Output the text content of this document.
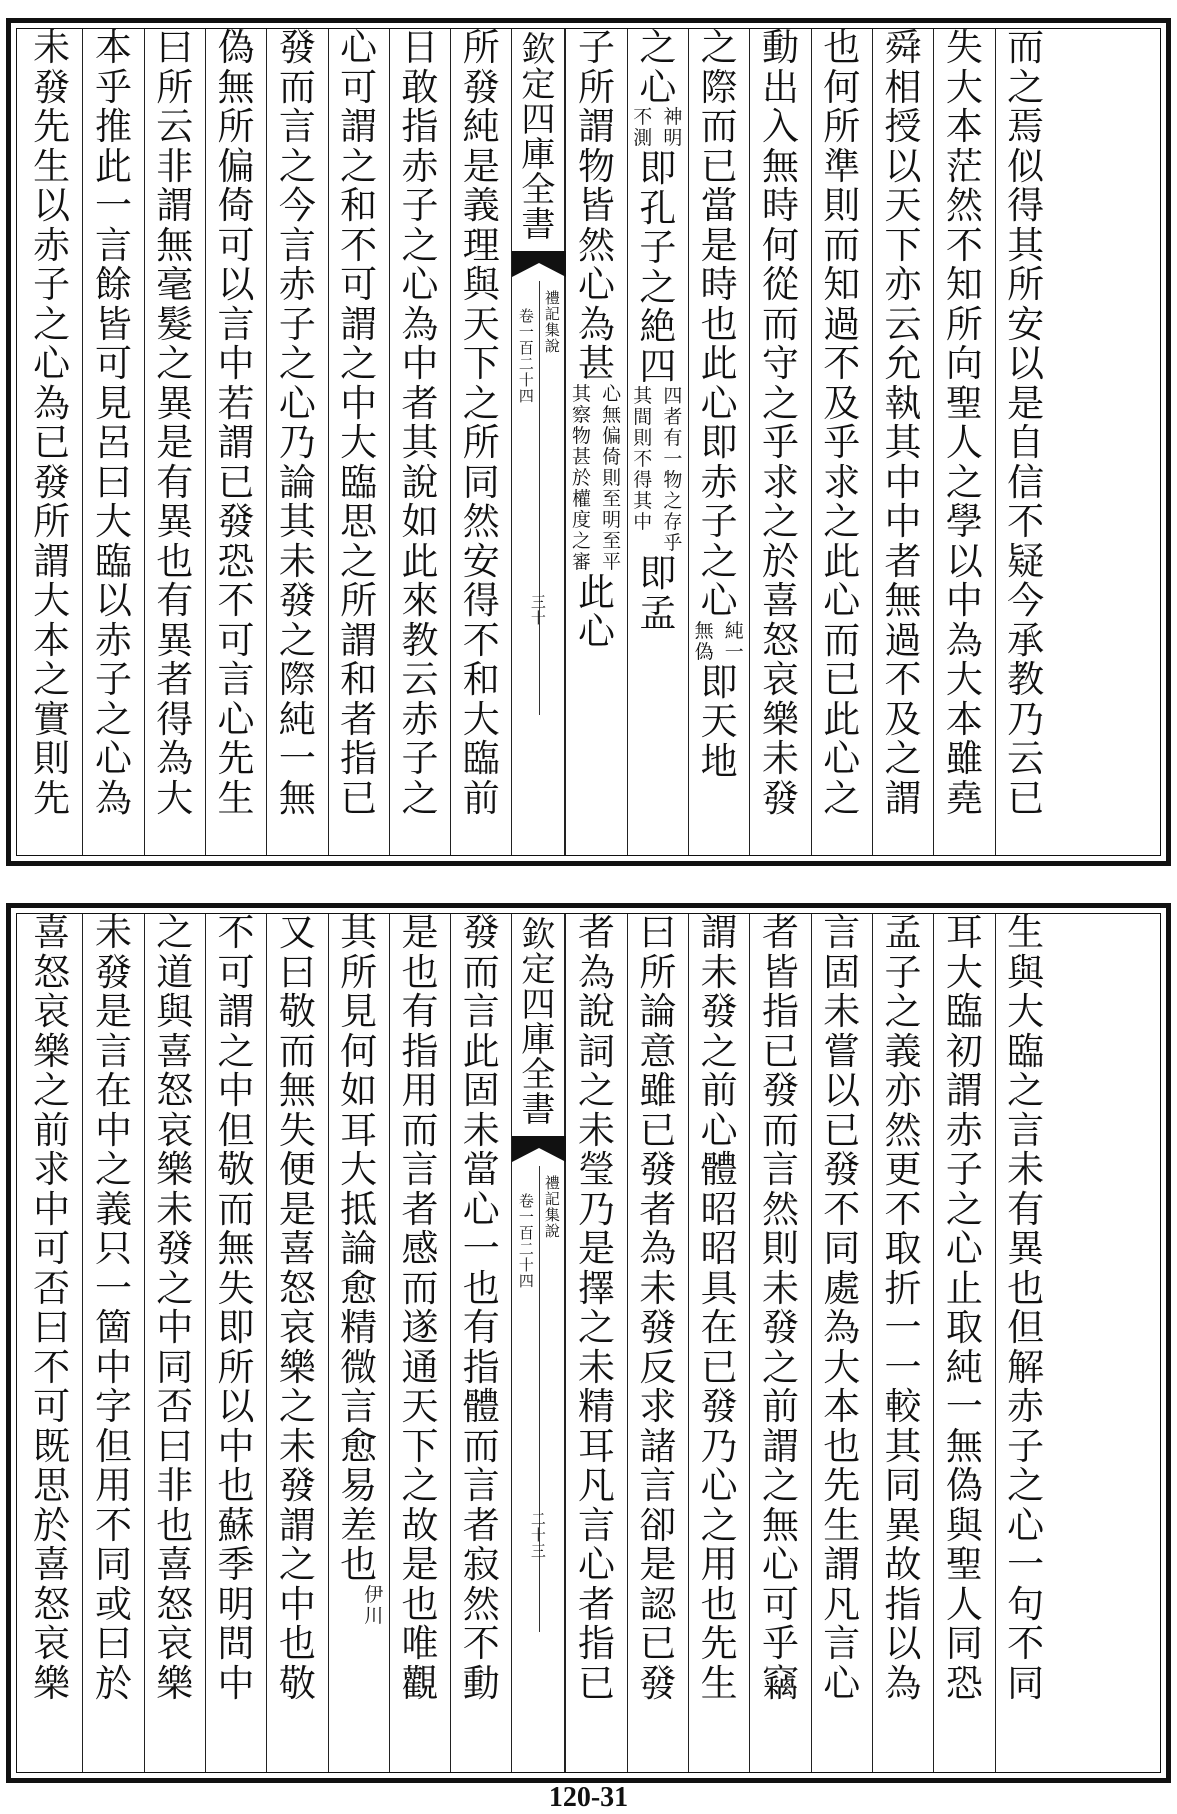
而
之
焉
似
得
其
所
安
以
是
自
信
不
疑
今
承
教
乃
云
已
失
大
本
茫
然
不
知
所
向
聖
人
之
學
以
中
為
大
本
雖
堯
舜
相
授
以
天
下
亦
云
允
執
其
中
中
者
無
過
不
及
之
謂
也
何
所
準
則
而
知
過
不
及
乎
求
之
此
心
而
已
此
心
之
動
出
入
無
時
何
從
而
守
之
乎
求
之
於
喜
怒
哀
樂
未
發
之
際
而
已
當
是
時
也
此
心
即
赤
子
之
心
純
一
無
偽
即
天
地
之
心
神
明
不
測
即
孔
子
之
絶
四
四
者
有
一
物
之
存
乎
其
間
則
不
得
其
中
即
孟
子
所
謂
物
皆
然
心
為
甚
心
無
偏
倚
則
至
明
至
平
其
察
物
甚
於
權
度
之
審
此
心
欽
定
四
庫
全
書
禮
記
集
說
卷
一
百
二
十
四
三
十
所
發
純
是
義
理
與
天
下
之
所
同
然
安
得
不
和
大
臨
前
日
敢
指
赤
子
之
心
為
中
者
其
說
如
此
來
教
云
赤
子
之
心
可
謂
之
和
不
可
謂
之
中
大
臨
思
之
所
謂
和
者
指
已
發
而
言
之
今
言
赤
子
之
心
乃
論
其
未
發
之
際
純
一
無
偽
無
所
偏
倚
可
以
言
中
若
謂
已
發
恐
不
可
言
心
先
生
曰
所
云
非
謂
無
毫
髮
之
異
是
有
異
也
有
異
者
得
為
大
本
乎
推
此
一
言
餘
皆
可
見
呂
曰
大
臨
以
赤
子
之
心
為
未
發
先
生
以
赤
子
之
心
為
已
發
所
謂
大
本
之
實
則
先
生
與
大
臨
之
言
未
有
異
也
但
解
赤
子
之
心
一
句
不
同
耳
大
臨
初
謂
赤
子
之
心
止
取
純
一
無
偽
與
聖
人
同
恐
孟
子
之
義
亦
然
更
不
取
折
一
一
較
其
同
異
故
指
以
為
言
固
未
嘗
以
已
發
不
同
處
為
大
本
也
先
生
謂
凡
言
心
者
皆
指
已
發
而
言
然
則
未
發
之
前
謂
之
無
心
可
乎
竊
謂
未
發
之
前
心
體
昭
昭
具
在
已
發
乃
心
之
用
也
先
生
曰
所
論
意
雖
已
發
者
為
未
發
反
求
諸
言
卻
是
認
已
發
者
為
說
詞
之
未
瑩
乃
是
擇
之
未
精
耳
凡
言
心
者
指
已
欽
定
四
庫
全
書
禮
記
集
說
卷
一
百
二
十
四
二
十
三
發
而
言
此
固
未
當
心
一
也
有
指
體
而
言
者
寂
然
不
動
是
也
有
指
用
而
言
者
感
而
遂
通
天
下
之
故
是
也
唯
觀
其
所
見
何
如
耳
大
抵
論
愈
精
微
言
愈
易
差
也
伊
川
又
曰
敬
而
無
失
便
是
喜
怒
哀
樂
之
未
發
謂
之
中
也
敬
不
可
謂
之
中
但
敬
而
無
失
即
所
以
中
也
蘇
季
明
問
中
之
道
與
喜
怒
哀
樂
未
發
之
中
同
否
曰
非
也
喜
怒
哀
樂
未
發
是
言
在
中
之
義
只
一
箇
中
字
但
用
不
同
或
曰
於
喜
怒
哀
樂
之
前
求
中
可
否
曰
不
可
既
思
於
喜
怒
哀
樂
120-31
